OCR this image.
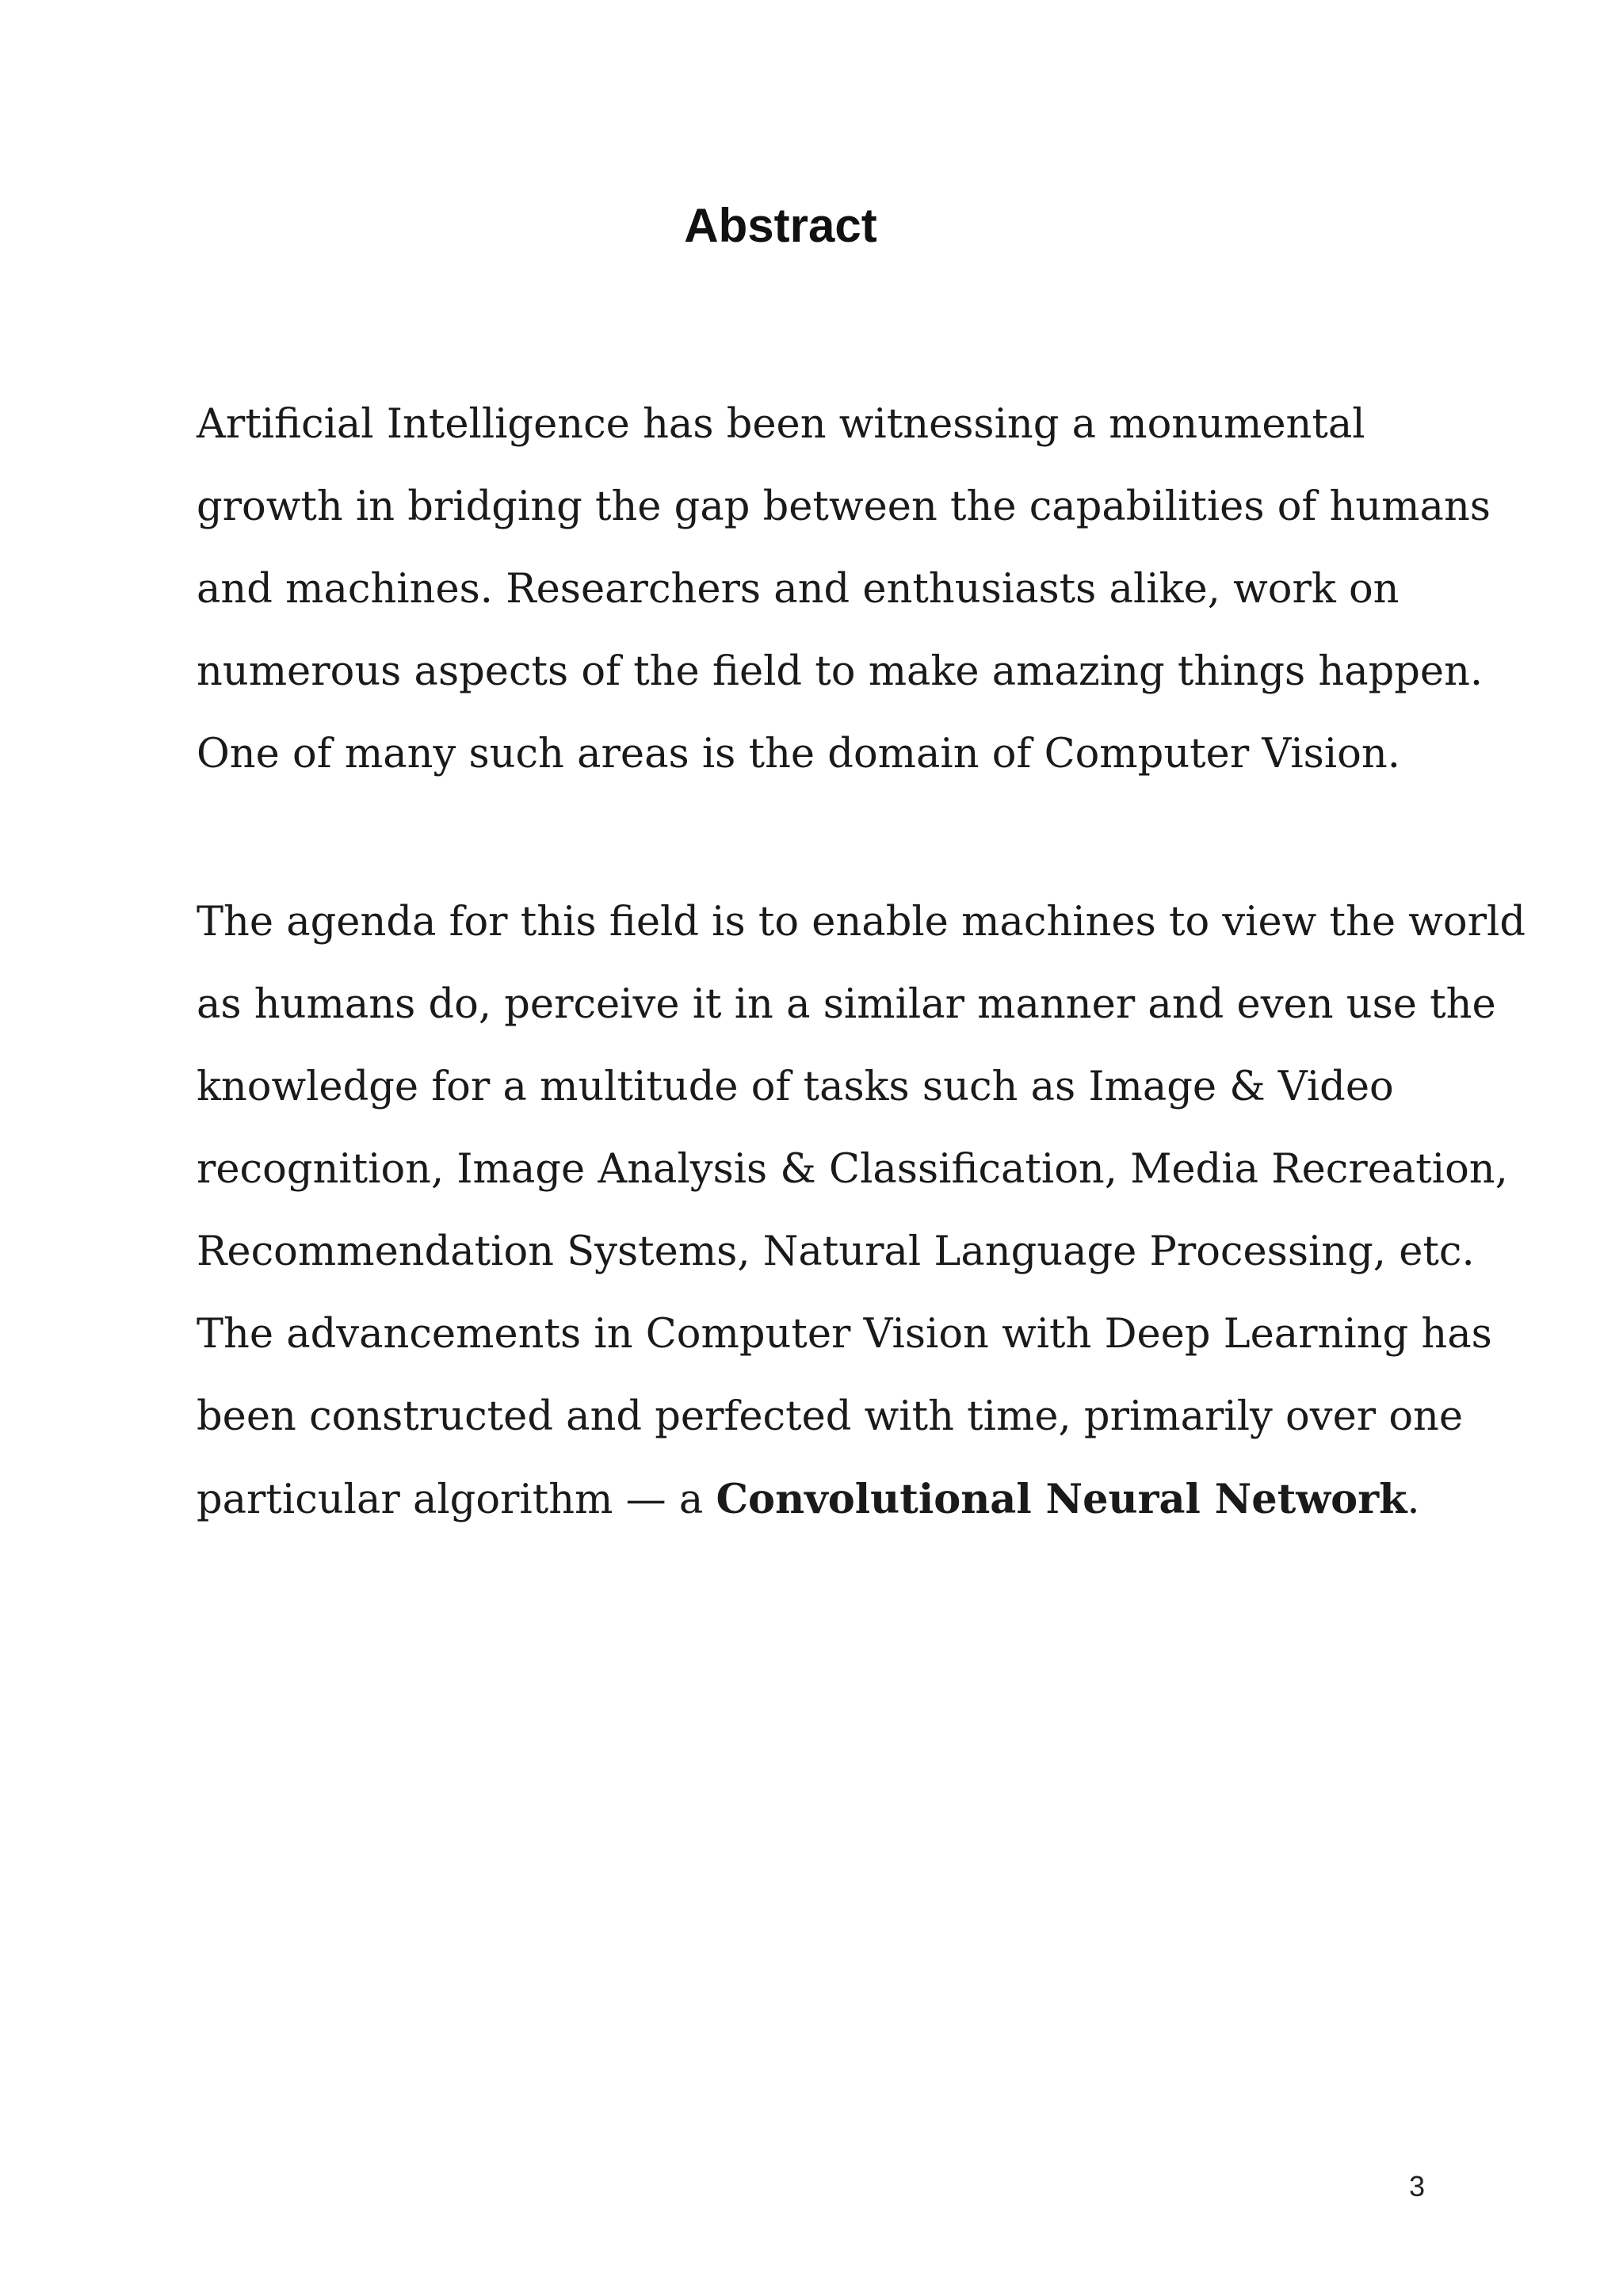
Abstract

Artificial Intelligence has been witnessing a monumental
growth in bridging the gap between the capabilities of humans
and machines. Researchers and enthusiasts alike, work on
numerous aspects of the field to make amazing things happen.
One of many such areas is the domain of Computer Vision.

The agenda for this field is to enable machines to view the world
as humans do, perceive it in a similar manner and even use the
knowledge for a multitude of tasks such as Image & Video
recognition, Image Analysis & Classification, Media Recreation,
Recommendation Systems, Natural Language Processing, etc.
The advancements in Computer Vision with Deep Learning has
been constructed and perfected with time, primarily over one
particular algorithm — a Convolutional Neural Network.

3
